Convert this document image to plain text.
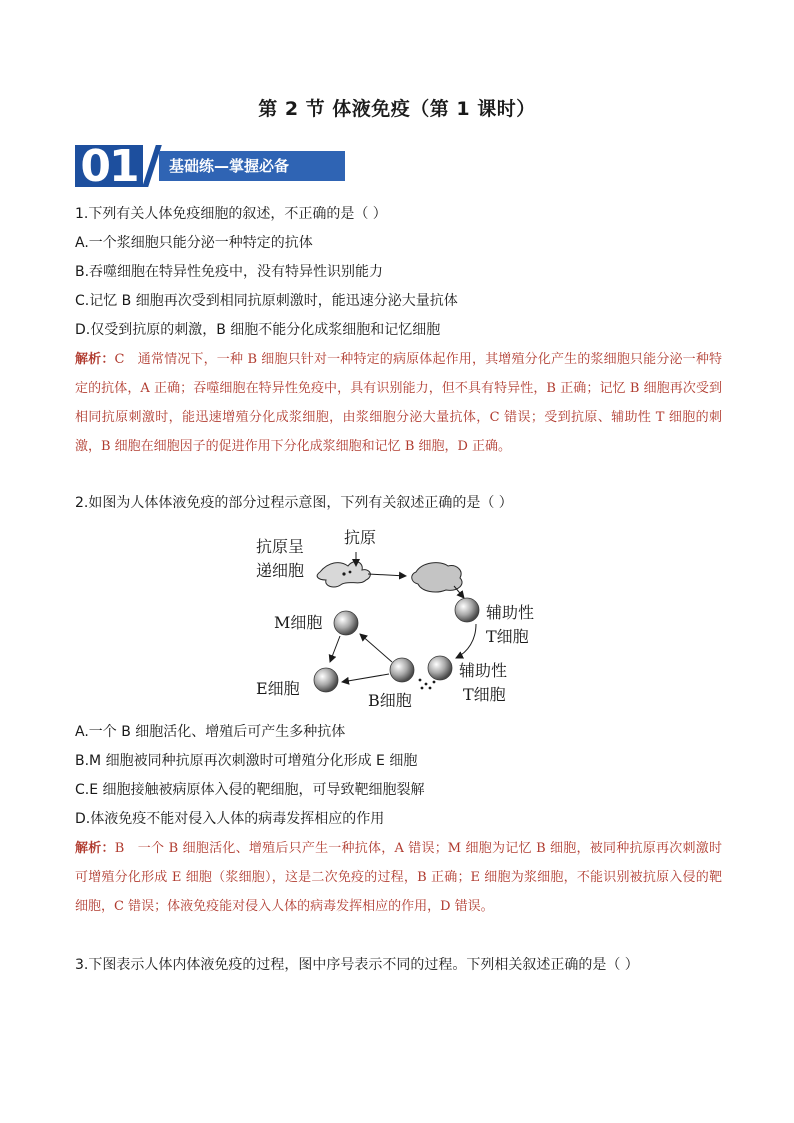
第 2 节 体液免疫（第 1 课时）
01	基础练—掌握必备
1.下列有关人体免疫细胞的叙述，不正确的是（ ）
A.一个浆细胞只能分泌一种特定的抗体
B.吞噬细胞在特异性免疫中，没有特异性识别能力
C.记忆 B 细胞再次受到相同抗原刺激时，能迅速分泌大量抗体
D.仅受到抗原的刺激，B 细胞不能分化成浆细胞和记忆细胞
解析：C　通常情况下，一种 B 细胞只针对一种特定的病原体起作用，其增殖分化产生的浆细胞只能分泌一种特定的抗体，A 正确；吞噬细胞在特异性免疫中，具有识别能力，但不具有特异性，B 正确；记忆 B 细胞再次受到相同抗原刺激时，能迅速增殖分化成浆细胞，由浆细胞分泌大量抗体，C 错误；受到抗原、辅助性 T 细胞的刺激，B 细胞在细胞因子的促进作用下分化成浆细胞和记忆 B 细胞，D 正确。
2.如图为人体体液免疫的部分过程示意图，下列有关叙述正确的是（ ）
抗原呈
递细胞
抗原
辅助性
T细胞
辅助性
T细胞
B细胞
M细胞
E细胞
A.一个 B 细胞活化、增殖后可产生多种抗体
B.M 细胞被同种抗原再次刺激时可增殖分化形成 E 细胞
C.E 细胞接触被病原体入侵的靶细胞，可导致靶细胞裂解
D.体液免疫不能对侵入人体的病毒发挥相应的作用
解析：B　一个 B 细胞活化、增殖后只产生一种抗体，A 错误；M 细胞为记忆 B 细胞，被同种抗原再次刺激时可增殖分化形成 E 细胞（浆细胞），这是二次免疫的过程，B 正确；E 细胞为浆细胞，不能识别被抗原入侵的靶细胞，C 错误；体液免疫能对侵入人体的病毒发挥相应的作用，D 错误。
3.下图表示人体内体液免疫的过程，图中序号表示不同的过程。下列相关叙述正确的是（ ）
